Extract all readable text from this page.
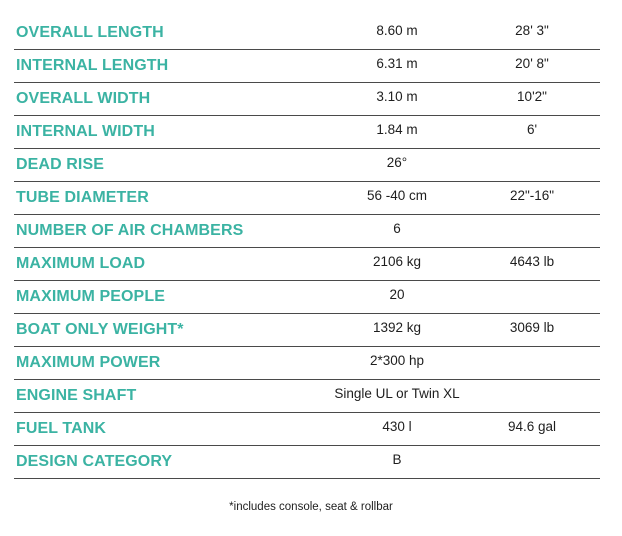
OVERALL LENGTH	8.60 m	28' 3"
INTERNAL LENGTH	6.31 m	20' 8"
OVERALL WIDTH	3.10 m	10'2"
INTERNAL WIDTH	1.84 m	6'
DEAD RISE	26°
TUBE DIAMETER	56 -40 cm	22"-16"
NUMBER OF AIR CHAMBERS	6
MAXIMUM LOAD	2106 kg	4643 lb
MAXIMUM PEOPLE	20
BOAT ONLY WEIGHT*	1392 kg	3069 lb
MAXIMUM POWER	2*300 hp
ENGINE SHAFT	Single UL or Twin XL
FUEL TANK	430 l	94.6 gal
DESIGN CATEGORY	B
*includes console, seat & rollbar
